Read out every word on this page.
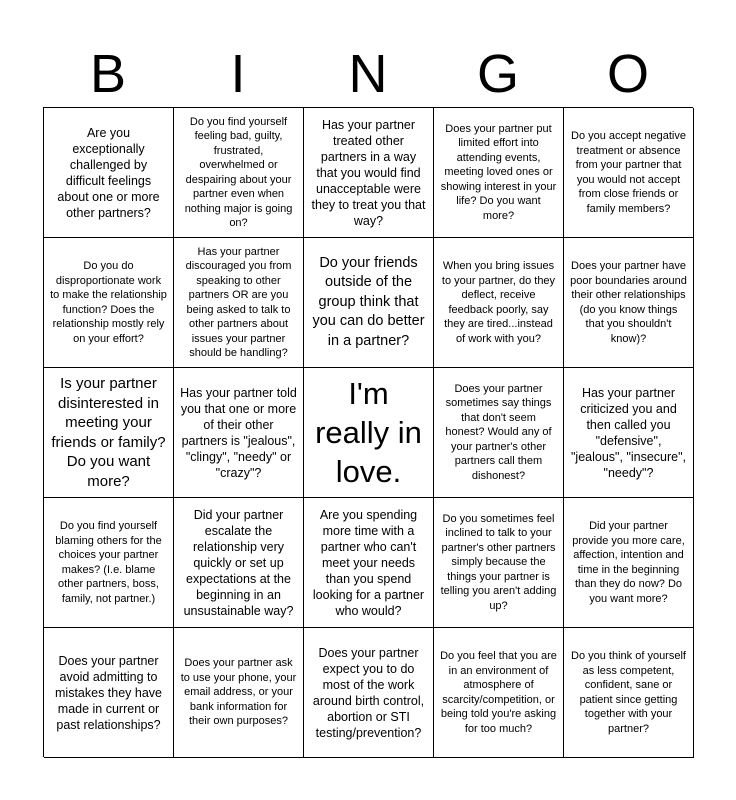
B	I	N	G	O
Are you exceptionally challenged by difficult feelings about one or more other partners?
Do you find yourself feeling bad, guilty, frustrated, overwhelmed or despairing about your partner even when nothing major is going on?
Has your partner treated other partners in a way that you would find unacceptable were they to treat you that way?
Does your partner put limited effort into attending events, meeting loved ones or showing interest in your life? Do you want more?
Do you accept negative treatment or absence from your partner that you would not accept from close friends or family members?
Do you do disproportionate work to make the relationship function? Does the relationship mostly rely on your effort?
Has your partner discouraged you from speaking to other partners OR are you being asked to talk to other partners about issues your partner should be handling?
Do your friends outside of the group think that you can do better in a partner?
When you bring issues to your partner, do they deflect, receive feedback poorly, say they are tired...instead of work with you?
Does your partner have poor boundaries around their other relationships (do you know things that you shouldn't know)?
Is your partner disinterested in meeting your friends or family? Do you want more?
Has your partner told you that one or more of their other partners is "jealous", "clingy", "needy" or "crazy"?
I'm really in love.
Does your partner sometimes say things that don't seem honest? Would any of your partner's other partners call them dishonest?
Has your partner criticized you and then called you "defensive", "jealous", "insecure", "needy"?
Do you find yourself blaming others for the choices your partner makes? (I.e. blame other partners, boss, family, not partner.)
Did your partner escalate the relationship very quickly or set up expectations at the beginning in an unsustainable way?
Are you spending more time with a partner who can't meet your needs than you spend looking for a partner who would?
Do you sometimes feel inclined to talk to your partner's other partners simply because the things your partner is telling you aren't adding up?
Did your partner provide you more care, affection, intention and time in the beginning than they do now? Do you want more?
Does your partner avoid admitting to mistakes they have made in current or past relationships?
Does your partner ask to use your phone, your email address, or your bank information for their own purposes?
Does your partner expect you to do most of the work around birth control, abortion or STI testing/prevention?
Do you feel that you are in an environment of atmosphere of scarcity/competition, or being told you're asking for too much?
Do you think of yourself as less competent, confident, sane or patient since getting together with your partner?
